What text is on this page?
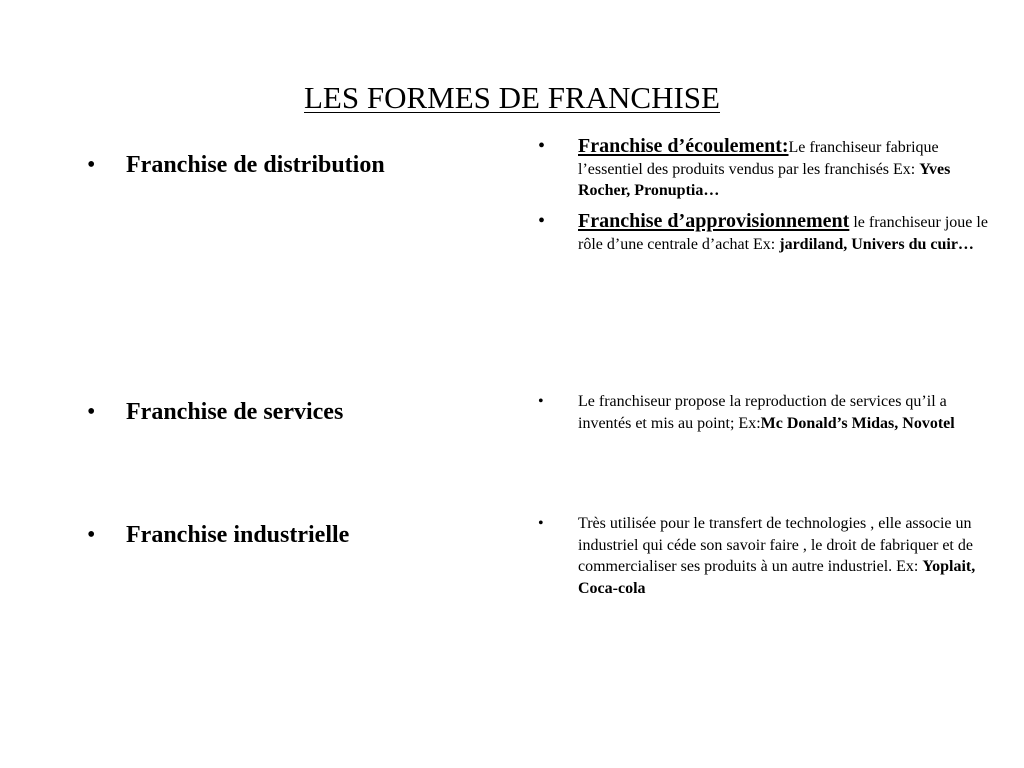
LES FORMES DE FRANCHISE
•	Franchise de distribution
•	Franchise de services
•	Franchise industrielle
• Franchise d’écoulement:Le franchiseur fabrique l’essentiel des produits vendus par les franchisés Ex: Yves Rocher, Pronuptia…
• Franchise d’approvisionnement le franchiseur joue le rôle d’une centrale d’achat Ex: jardiland, Univers du cuir…
• Le franchiseur propose la reproduction de services qu’il a inventés et mis au point; Ex:Mc Donald’s Midas, Novotel
• Très utilisée pour le transfert de technologies , elle associe un industriel qui céde son savoir faire , le droit de fabriquer et de commercialiser ses produits à un autre industriel. Ex: Yoplait, Coca-cola
